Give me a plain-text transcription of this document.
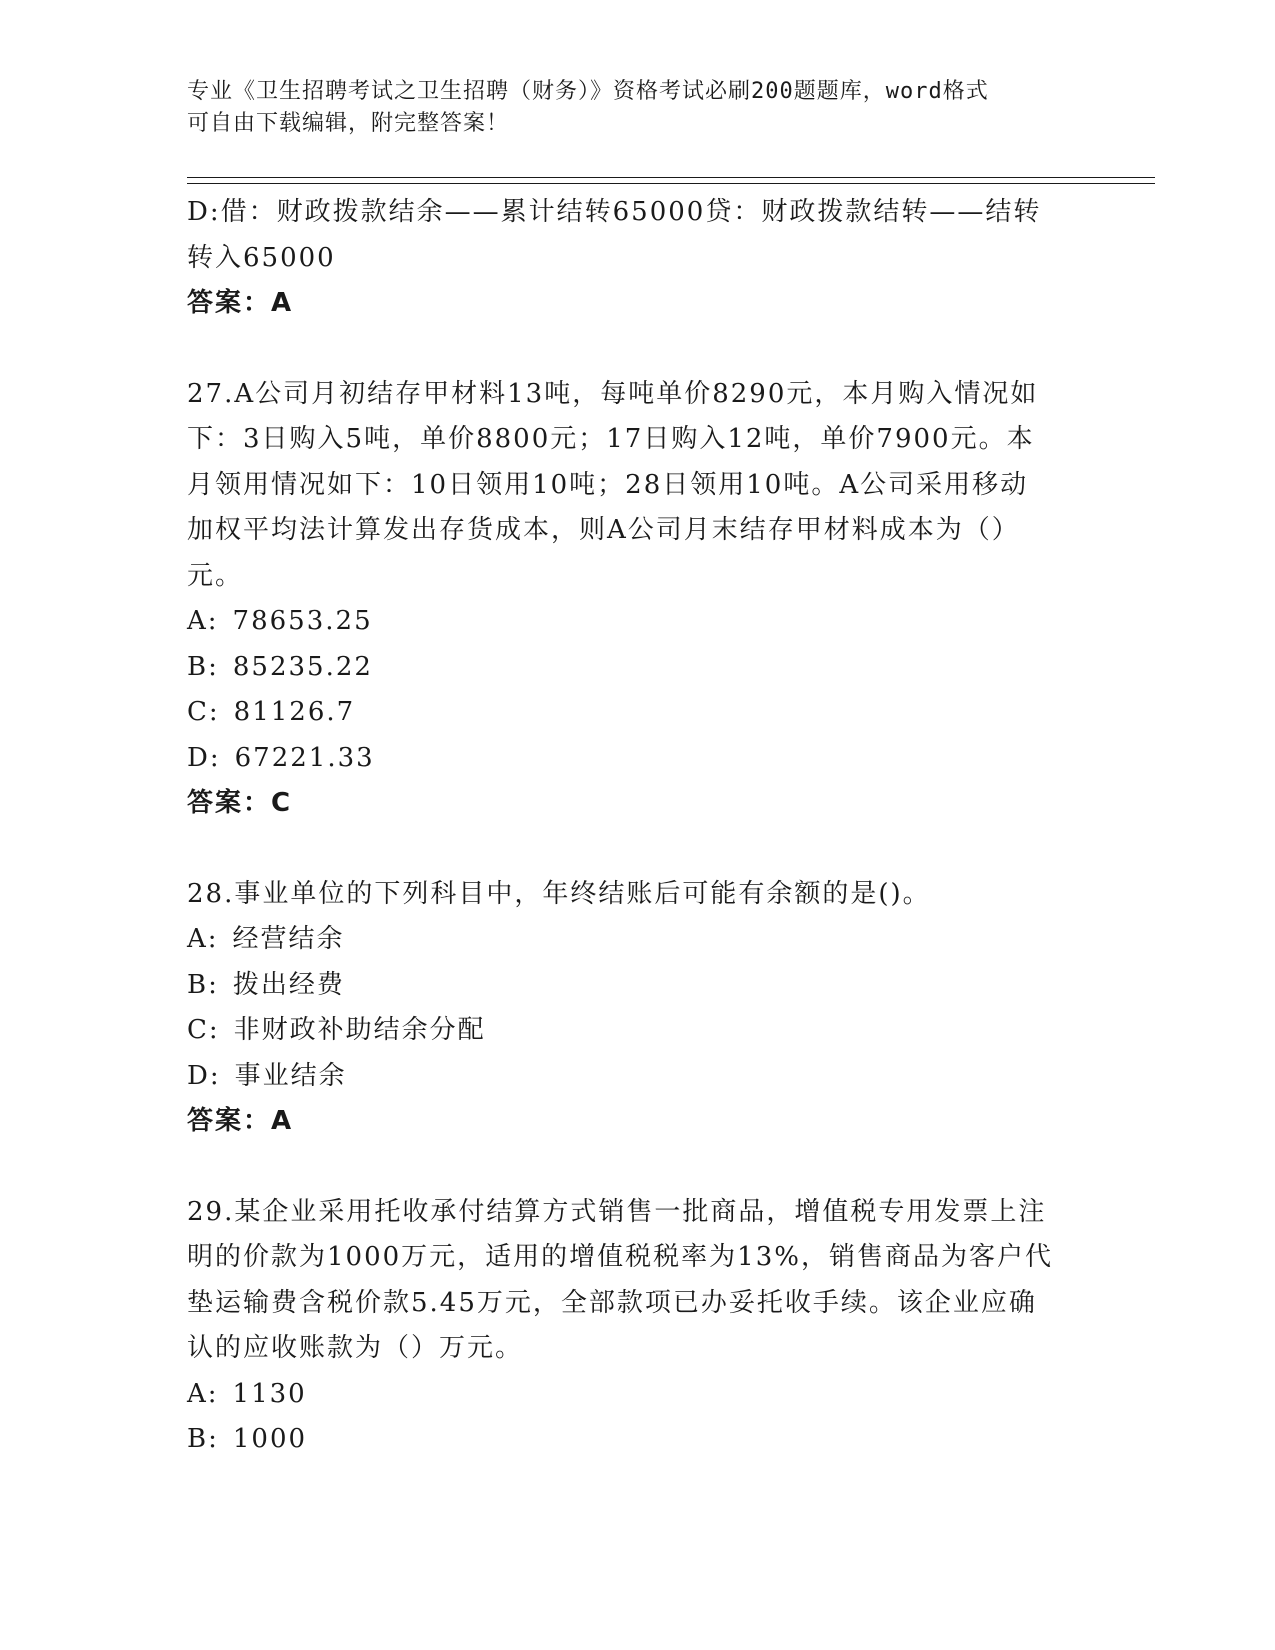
专业《卫生招聘考试之卫生招聘（财务）》资格考试必刷200题题库，word格式
可自由下载编辑，附完整答案！
D:借：财政拨款结余——累计结转65000贷：财政拨款结转——结转
转入65000
答案：A
27.A公司月初结存甲材料13吨，每吨单价8290元，本月购入情况如
下：3日购入5吨，单价8800元；17日购入12吨，单价7900元。本
月领用情况如下：10日领用10吨；28日领用10吨。A公司采用移动
加权平均法计算发出存货成本，则A公司月末结存甲材料成本为（）
元。
A: 78653.25
B: 85235.22
C: 81126.7
D: 67221.33
答案：C
28.事业单位的下列科目中，年终结账后可能有余额的是()。
A: 经营结余
B: 拨出经费
C: 非财政补助结余分配
D: 事业结余
答案：A
29.某企业采用托收承付结算方式销售一批商品，增值税专用发票上注
明的价款为1000万元，适用的增值税税率为13%，销售商品为客户代
垫运输费含税价款5.45万元，全部款项已办妥托收手续。该企业应确
认的应收账款为（）万元。
A: 1130
B: 1000
